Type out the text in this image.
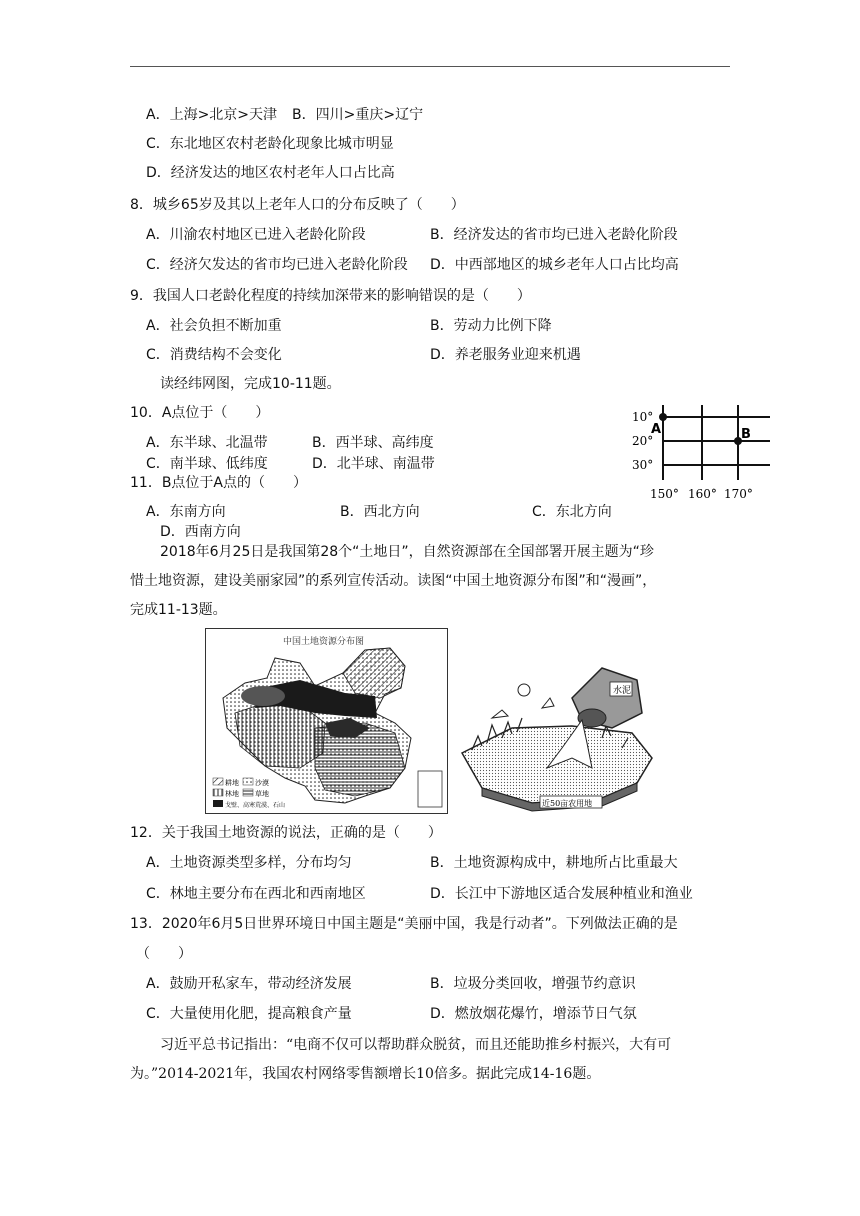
A．上海>北京>天津 B．四川>重庆>辽宁
C．东北地区农村老龄化现象比城市明显
D．经济发达的地区农村老年人口占比高
8．城乡65岁及其以上老年人口的分布反映了（　　）
A．川渝农村地区已进入老龄化阶段	B．经济发达的省市均已进入老龄化阶段
C．经济欠发达的省市均已进入老龄化阶段 D．中西部地区的城乡老年人口占比均高
9．我国人口老龄化程度的持续加深带来的影响错误的是（　　）
A．社会负担不断加重	B．劳动力比例下降
C．消费结构不会变化	D．养老服务业迎来机遇
读经纬网图，完成10-11题。
10．A点位于（　　）
A．东半球、北温带	B．西半球、高纬度
C．南半球、低纬度	D．北半球、南温带
11．B点位于A点的（　　）
A．东南方向	B．西北方向	C．东北方向
D．西南方向
10°
20°
30°
A	B
150° 160° 170°
2018年6月25日是我国第28个“土地日”，自然资源部在全国部署开展主题为“珍
惜土地资源，建设美丽家园”的系列宣传活动。读图“中国土地资源分布图”和“漫画”，
完成11-13题。
中国土地资源分布图
耕地 沙漠
林地 草地
戈壁、高寒荒漠、石山
水泥
近50亩农用地
12．关于我国土地资源的说法，正确的是（　　）
A．土地资源类型多样，分布均匀	B．土地资源构成中，耕地所占比重最大
C．林地主要分布在西北和西南地区	D．长江中下游地区适合发展种植业和渔业
13．2020年6月5日世界环境日中国主题是“美丽中国，我是行动者”。下列做法正确的是
（　　）
A．鼓励开私家车，带动经济发展	B．垃圾分类回收，增强节约意识
C．大量使用化肥，提高粮食产量	D．燃放烟花爆竹，增添节日气氛
习近平总书记指出：“电商不仅可以帮助群众脱贫，而且还能助推乡村振兴，大有可
为。”2014-2021年，我国农村网络零售额增长10倍多。据此完成14-16题。
